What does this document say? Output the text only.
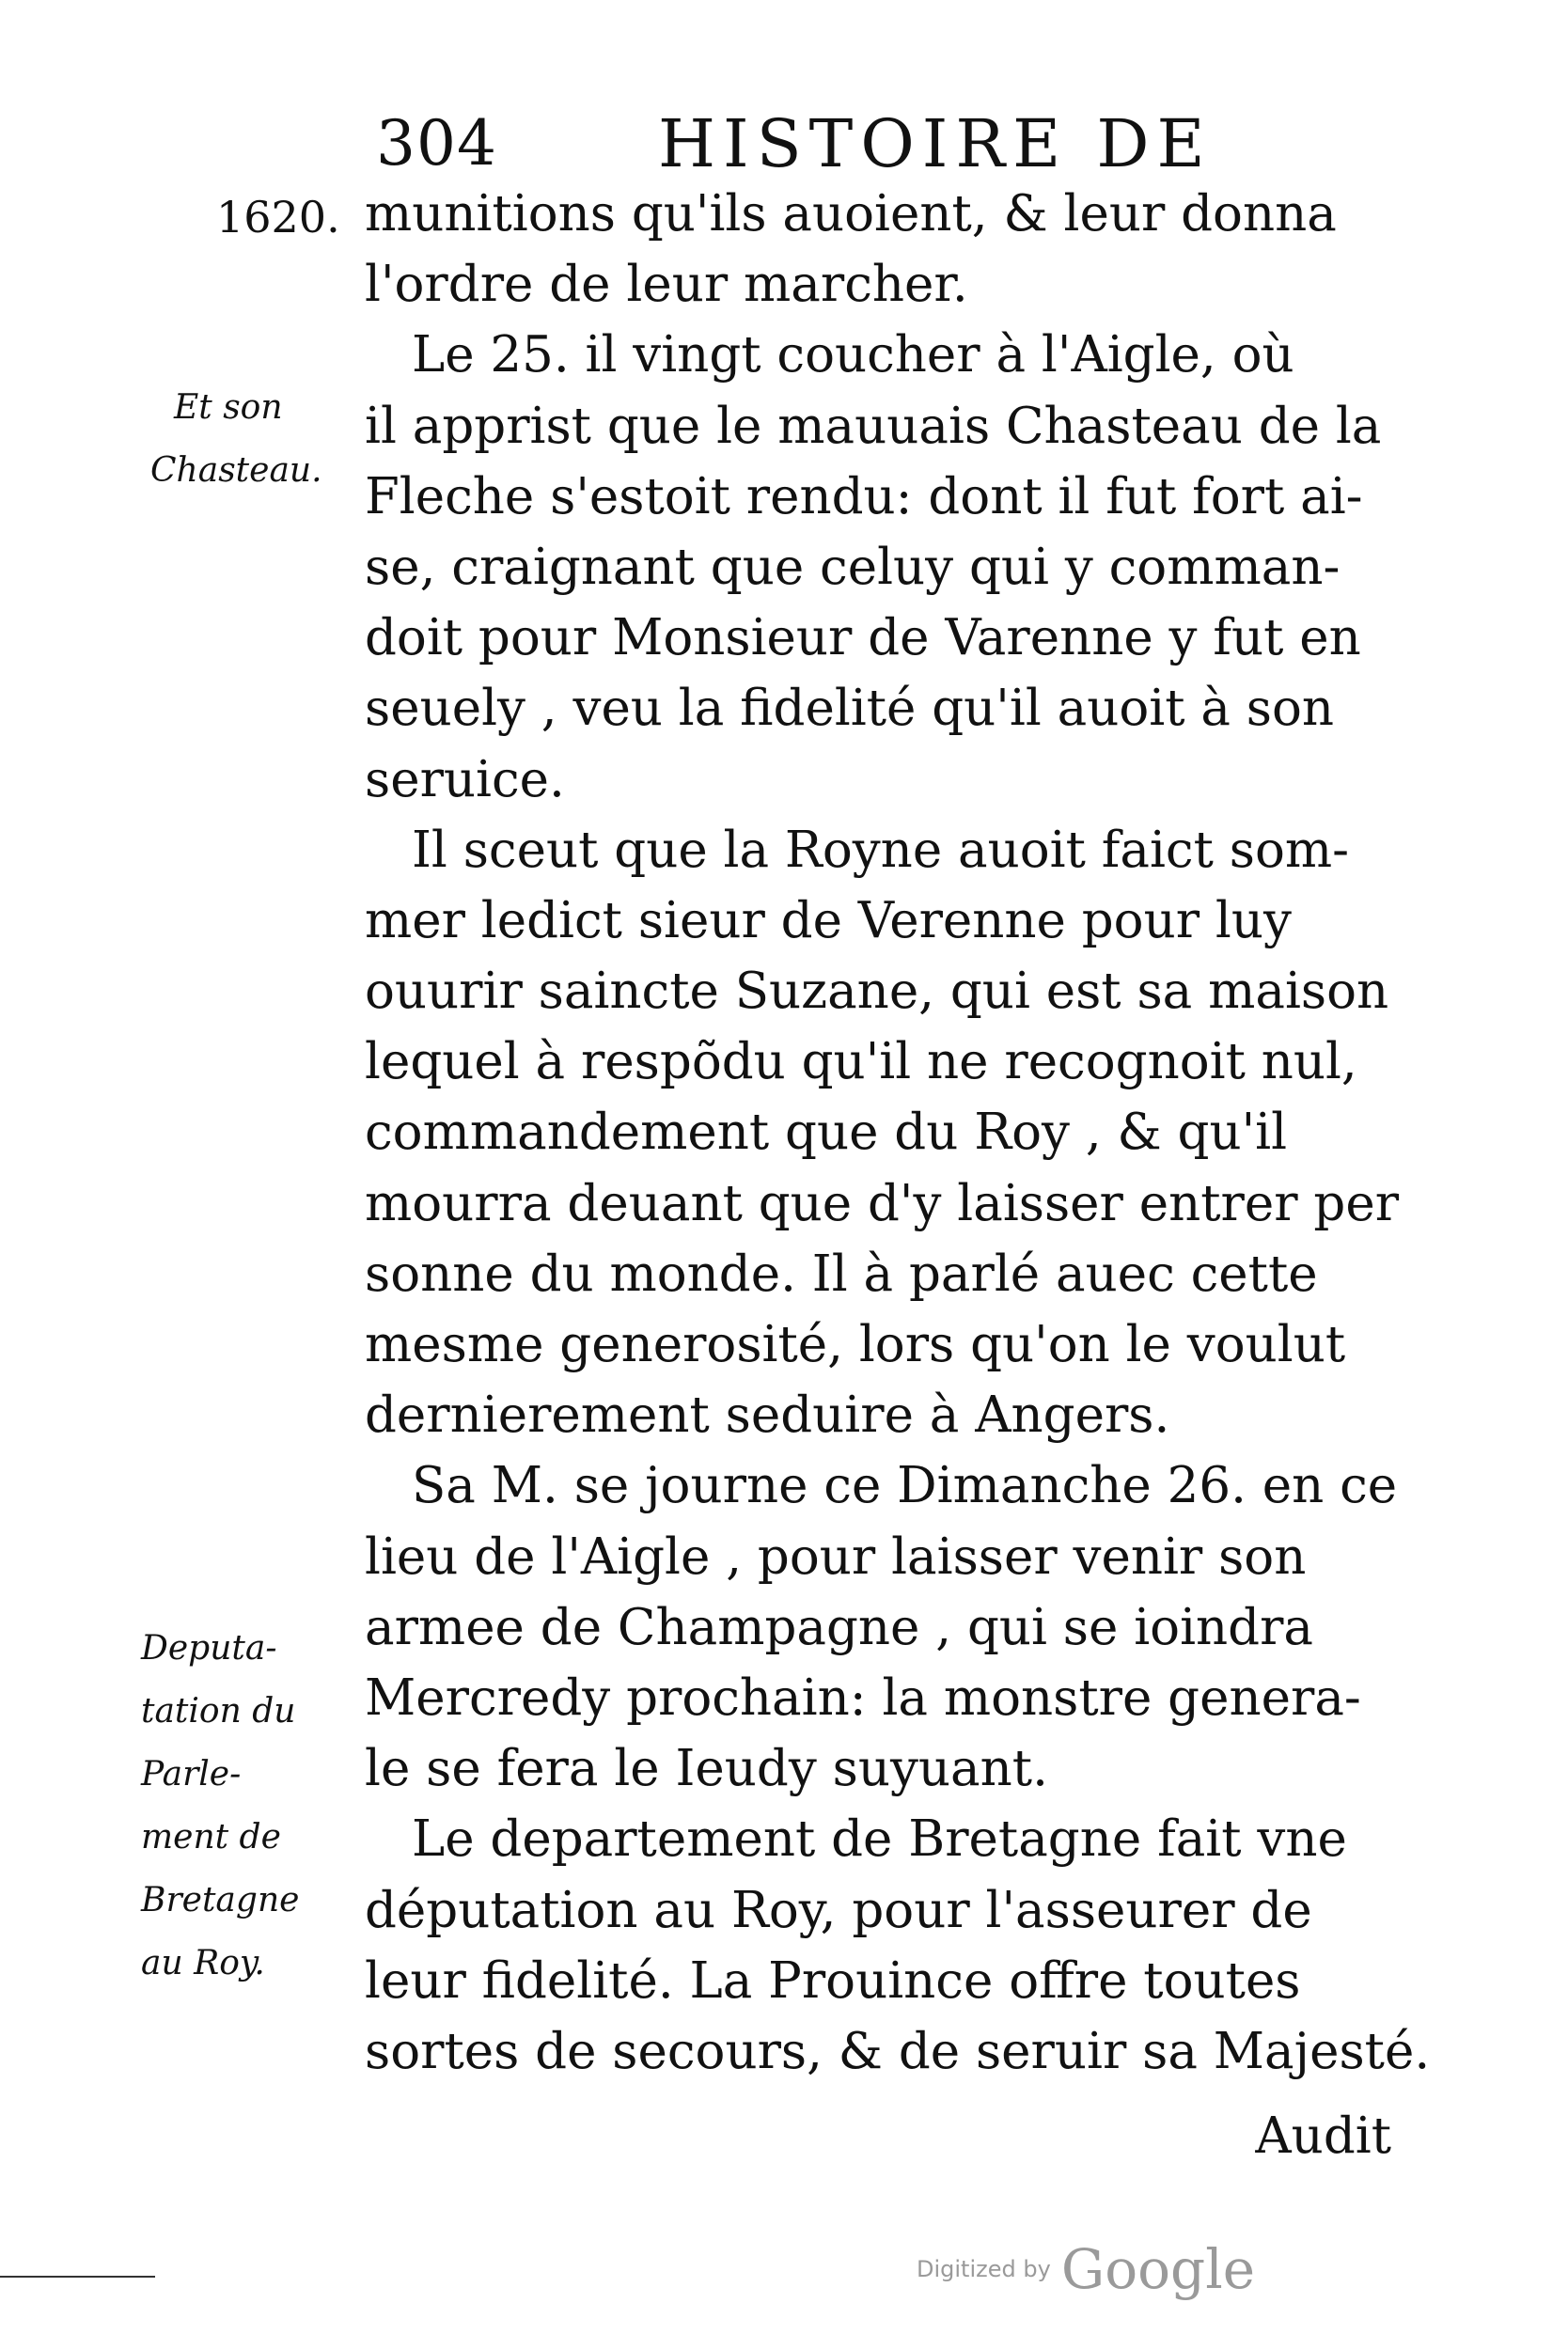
304 HISTOIRE DE
1620.
Et son
Chasteau.
Deputa-
tation du
Parle-
ment de
Bretagne
au Roy.
munitions qu'ils auoient, & leur donna
l'ordre de leur marcher.
Le 25. il vingt coucher à l'Aigle, où
il apprist que le mauuais Chasteau de la
Fleche s'estoit rendu: dont il fut fort ai-
se, craignant que celuy qui y comman-
doit pour Monsieur de Varenne y fut en
seuely , veu la fidelité qu'il auoit à son
seruice.
Il sceut que la Royne auoit faict som-
mer ledict sieur de Verenne pour luy
ouurir saincte Suzane, qui est sa maison
lequel à respõdu qu'il ne recognoit nul,
commandement que du Roy , & qu'il
mourra deuant que d'y laisser entrer per
sonne du monde. Il à parlé auec cette
mesme generosité, lors qu'on le voulut
dernierement seduire à Angers.
Sa M. se journe ce Dimanche 26. en ce
lieu de l'Aigle , pour laisser venir son
armee de Champagne , qui se ioindra
Mercredy prochain: la monstre genera-
le se fera le Ieudy suyuant.
Le departement de Bretagne fait vne
députation au Roy, pour l'asseurer de
leur fidelité. La Prouince offre toutes
sortes de secours, & de seruir sa Majesté.
Audit
Digitized by Google
